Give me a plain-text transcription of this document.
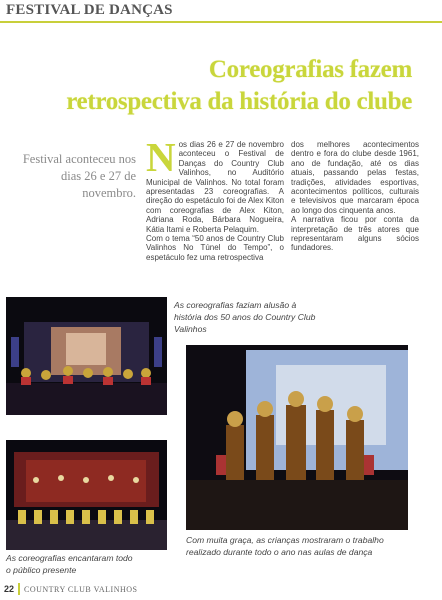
FESTIVAL DE DANÇAS
Coreografias fazem
retrospectiva da história do clube
Festival aconteceu nos dias 26 e 27 de novembro.
N os dias 26 e 27 de novembro aconteceu o Festival de Danças do Country Club Valinhos, no Auditório Municipal de Valinhos. No total foram apresentadas 23 coreografias. A direção do espetáculo foi de Alex Kiton com coreografias de Alex Kiton, Adriana Roda, Bárbara Nogueira, Kátia Itami e Roberta Pelaquim.

Com o tema “50 anos de Country Club Valinhos No Túnel do Tempo”, o espetáculo fez uma retrospectiva

dos melhores acontecimentos dentro e fora do clube desde 1961, ano de fundação, até os dias atuais, passando pelas festas, tradições, atividades esportivas, acontecimentos políticos, culturais e televisivos que marcaram época ao longo dos cinquenta anos.

A narrativa ficou por conta da interpretação de três atores que representaram alguns sócios fundadores.

As coreografias faziam alusão à história dos 50 anos do Country Club Valinhos
As coreografias encantaram todo o público presente
Com muita graça, as crianças mostraram o trabalho realizado durante todo o ano nas aulas de dança
22 COUNTRY CLUB VALINHOS
